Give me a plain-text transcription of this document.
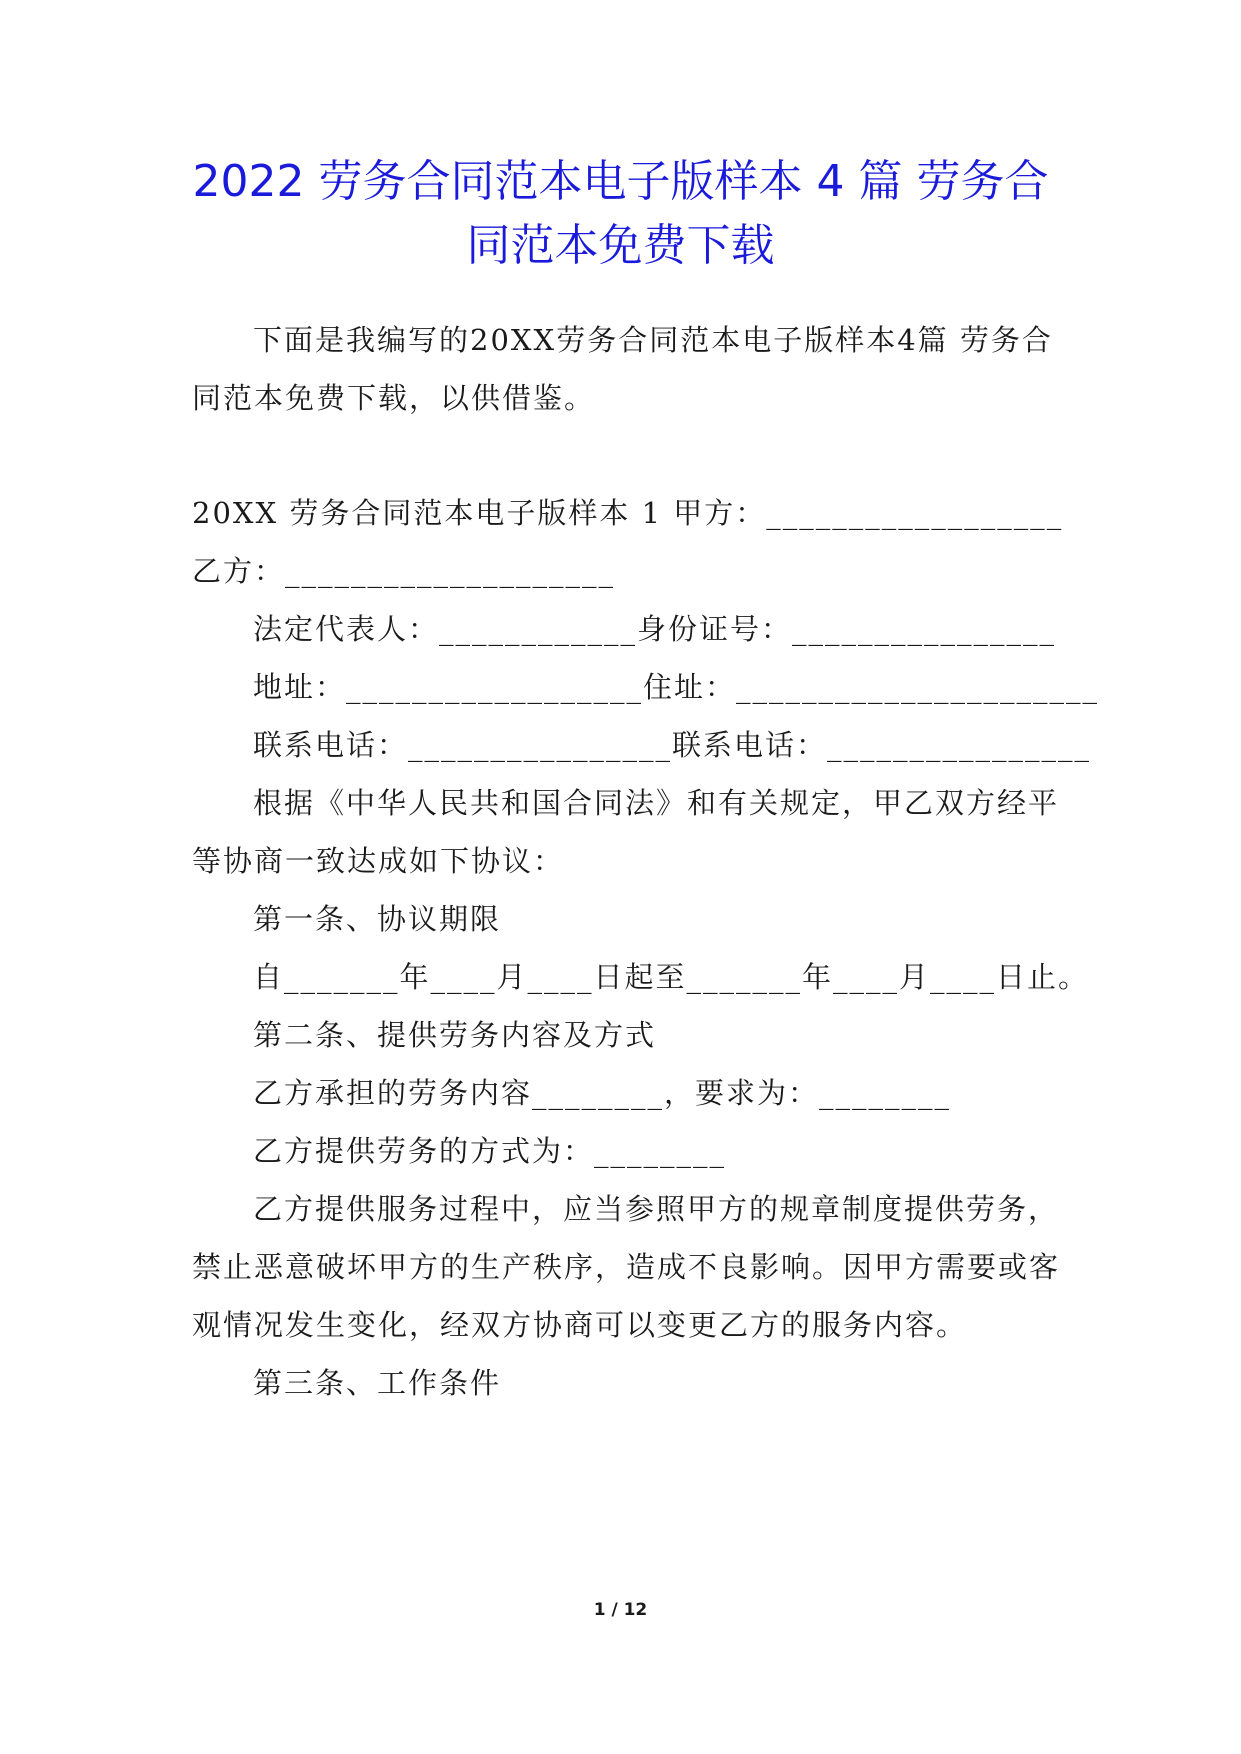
2022 劳务合同范本电子版样本 4 篇 劳务合
同范本免费下载
下面是我编写的20XX劳务合同范本电子版样本4篇 劳务合
同范本免费下载，以供借鉴。
20XX 劳务合同范本电子版样本 1 甲方：__________________
乙方：____________________
法定代表人：____________身份证号：________________
地址：__________________住址：______________________
联系电话：________________联系电话：________________
根据《中华人民共和国合同法》和有关规定，甲乙双方经平
等协商一致达成如下协议：
第一条、协议期限
自_______年____月____日起至_______年____月____日止。
第二条、提供劳务内容及方式
乙方承担的劳务内容________，要求为：________
乙方提供劳务的方式为：________
乙方提供服务过程中，应当参照甲方的规章制度提供劳务，
禁止恶意破坏甲方的生产秩序，造成不良影响。因甲方需要或客
观情况发生变化，经双方协商可以变更乙方的服务内容。
第三条、工作条件
1 / 12
